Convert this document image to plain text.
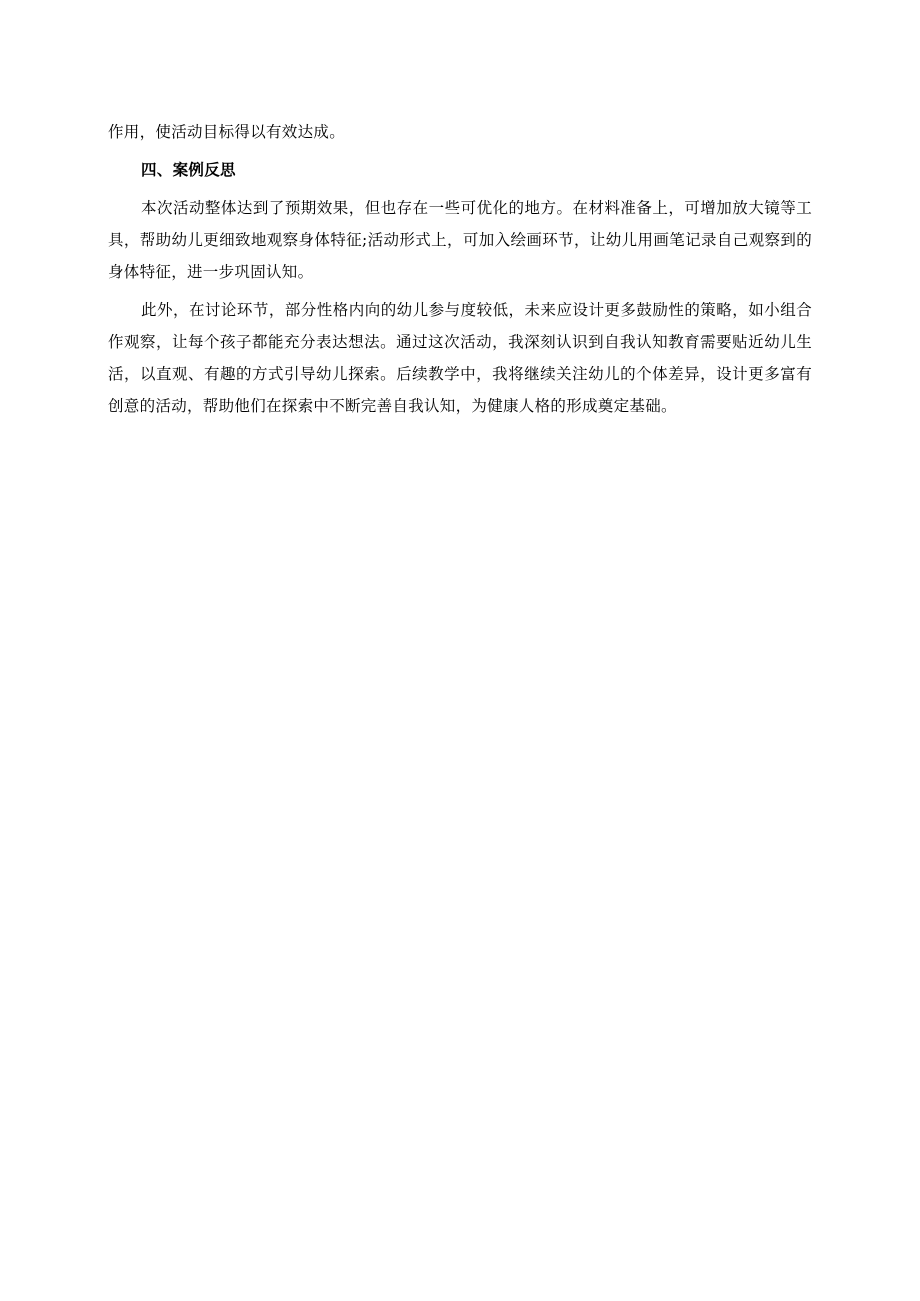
作用，使活动目标得以有效达成。

四、案例反思

本次活动整体达到了预期效果，但也存在一些可优化的地方。在材料准备上，可增加放大镜等工具，帮助幼儿更细致地观察身体特征;活动形式上，可加入绘画环节，让幼儿用画笔记录自己观察到的身体特征，进一步巩固认知。

此外，在讨论环节，部分性格内向的幼儿参与度较低，未来应设计更多鼓励性的策略，如小组合作观察，让每个孩子都能充分表达想法。通过这次活动，我深刻认识到自我认知教育需要贴近幼儿生活，以直观、有趣的方式引导幼儿探索。后续教学中，我将继续关注幼儿的个体差异，设计更多富有创意的活动，帮助他们在探索中不断完善自我认知，为健康人格的形成奠定基础。
